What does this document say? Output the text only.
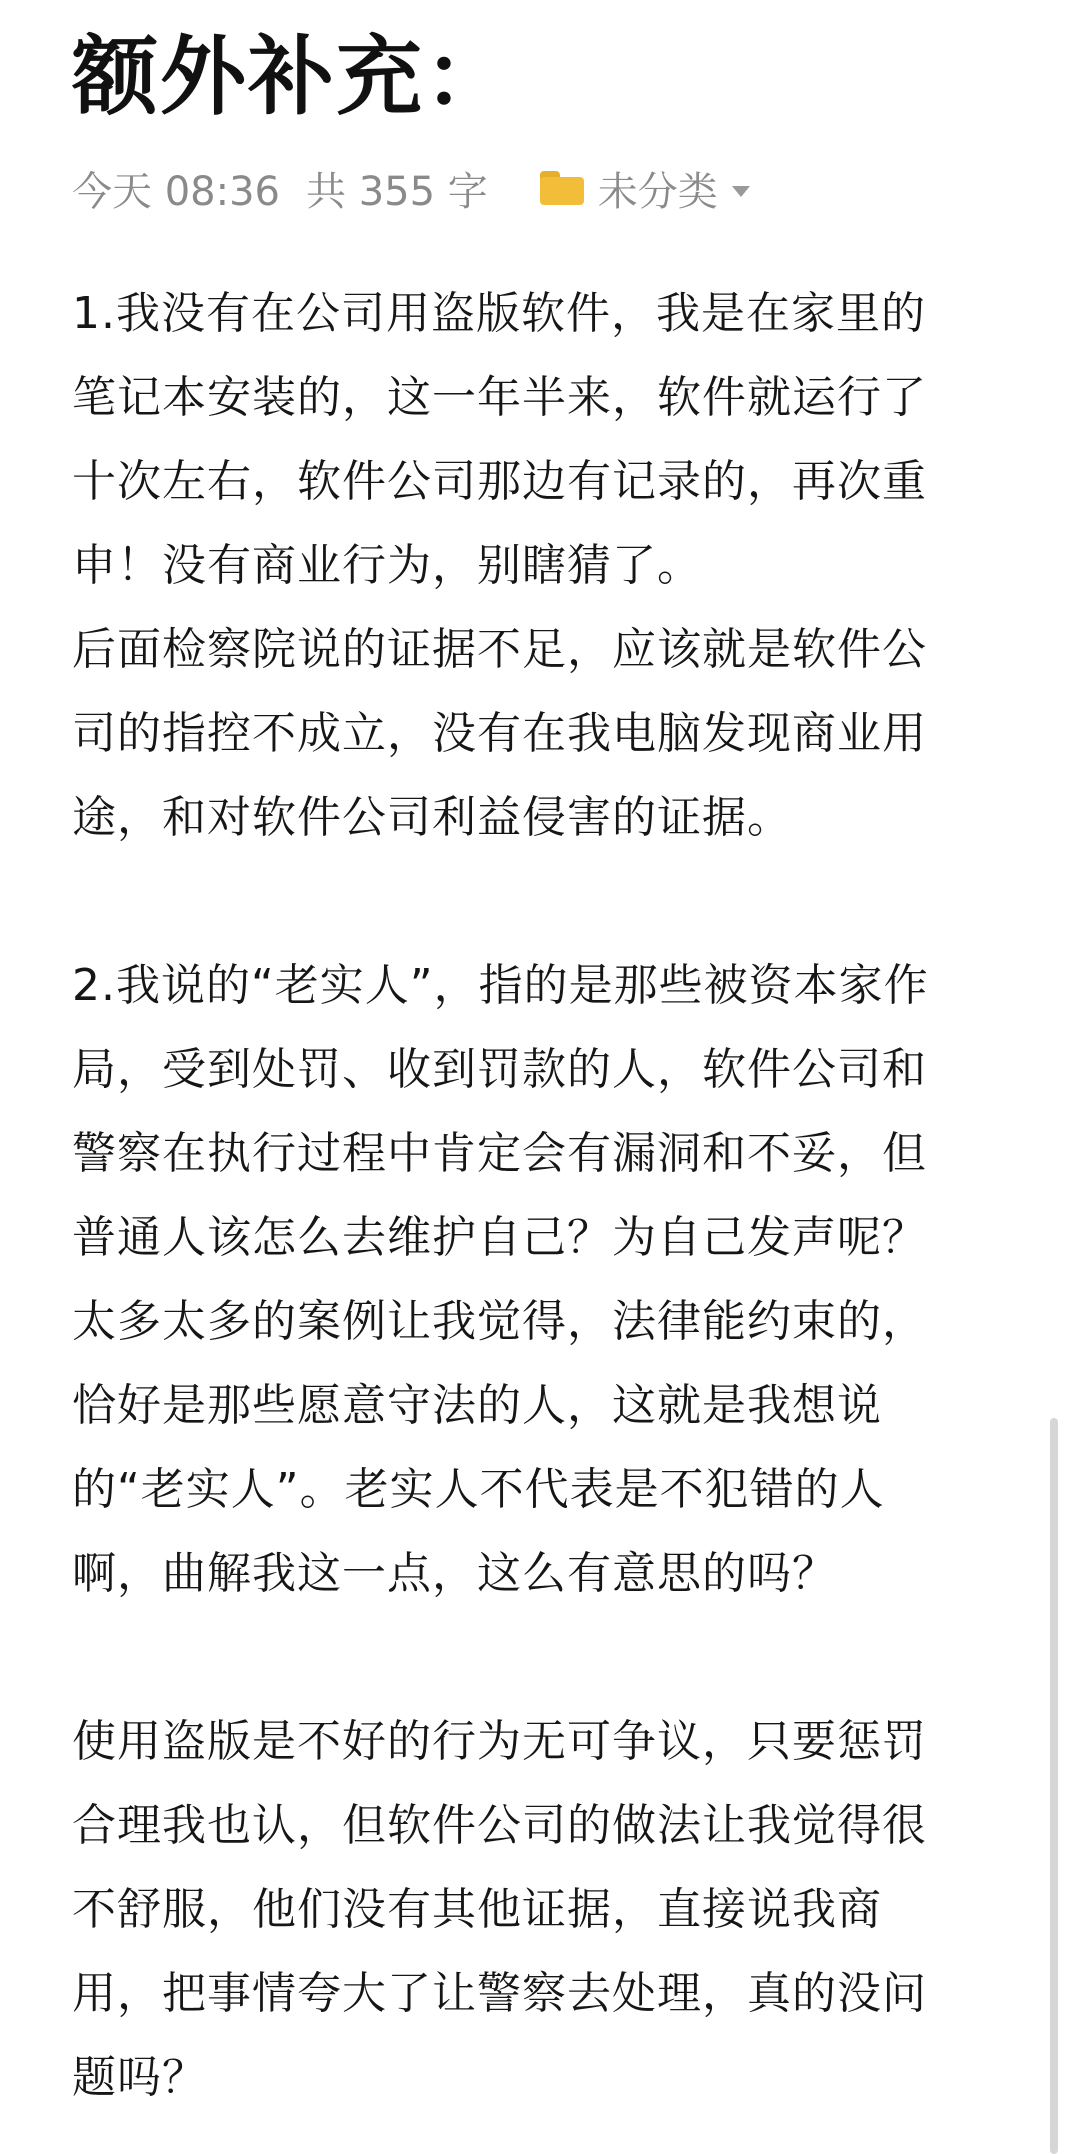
额外补充：
今天 08:36 共 355 字	未分类

1.我没有在公司用盗版软件，我是在家里的

笔记本安装的，这一年半来，软件就运行了

十次左右，软件公司那边有记录的，再次重

申！没有商业行为，别瞎猜了。

后面检察院说的证据不足，应该就是软件公

司的指控不成立，没有在我电脑发现商业用

途，和对软件公司利益侵害的证据。

2.我说的“老实人”，指的是那些被资本家作

局，受到处罚、收到罚款的人，软件公司和

警察在执行过程中肯定会有漏洞和不妥，但

普通人该怎么去维护自己？为自己发声呢？

太多太多的案例让我觉得，法律能约束的，

恰好是那些愿意守法的人，这就是我想说

的“老实人”。老实人不代表是不犯错的人

啊，曲解我这一点，这么有意思的吗？

使用盗版是不好的行为无可争议，只要惩罚

合理我也认，但软件公司的做法让我觉得很

不舒服，他们没有其他证据，直接说我商

用，把事情夸大了让警察去处理，真的没问

题吗？
